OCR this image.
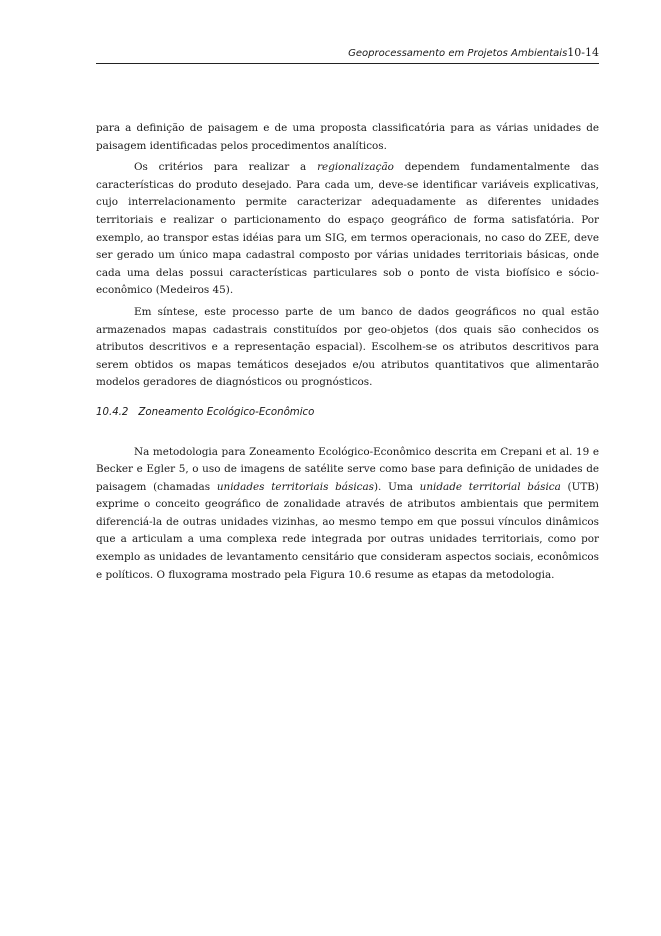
Geoprocessamento em Projetos Ambientais10-14

para a definição de paisagem e de uma proposta classificatória para as várias unidades de paisagem identificadas pelos procedimentos analíticos.

Os critérios para realizar a regionalização dependem fundamentalmente das características do produto desejado. Para cada um, deve-se identificar variáveis explicativas, cujo interrelacionamento permite caracterizar adequadamente as diferentes unidades territoriais e realizar o particionamento do espaço geográfico de forma satisfatória. Por exemplo, ao transpor estas idéias para um SIG, em termos operacionais, no caso do ZEE, deve ser gerado um único mapa cadastral composto por várias unidades territoriais básicas, onde cada uma delas possui características particulares sob o ponto de vista biofísico e sócio-econômico (Medeiros 45).

Em síntese, este processo parte de um banco de dados geográficos no qual estão armazenados mapas cadastrais constituídos por geo-objetos (dos quais são conhecidos os atributos descritivos e a representação espacial). Escolhem-se os atributos descritivos para serem obtidos os mapas temáticos desejados e/ou atributos quantitativos que alimentarão modelos geradores de diagnósticos ou prognósticos.

10.4.2 Zoneamento Ecológico-Econômico

Na metodologia para Zoneamento Ecológico-Econômico descrita em Crepani et al. 19 e Becker e Egler 5, o uso de imagens de satélite serve como base para definição de unidades de paisagem (chamadas unidades territoriais básicas). Uma unidade territorial básica (UTB) exprime o conceito geográfico de zonalidade através de atributos ambientais que permitem diferenciá-la de outras unidades vizinhas, ao mesmo tempo em que possui vínculos dinâmicos que a articulam a uma complexa rede integrada por outras unidades territoriais, como por exemplo as unidades de levantamento censitário que consideram aspectos sociais, econômicos e políticos. O fluxograma mostrado pela Figura 10.6 resume as etapas da metodologia.
